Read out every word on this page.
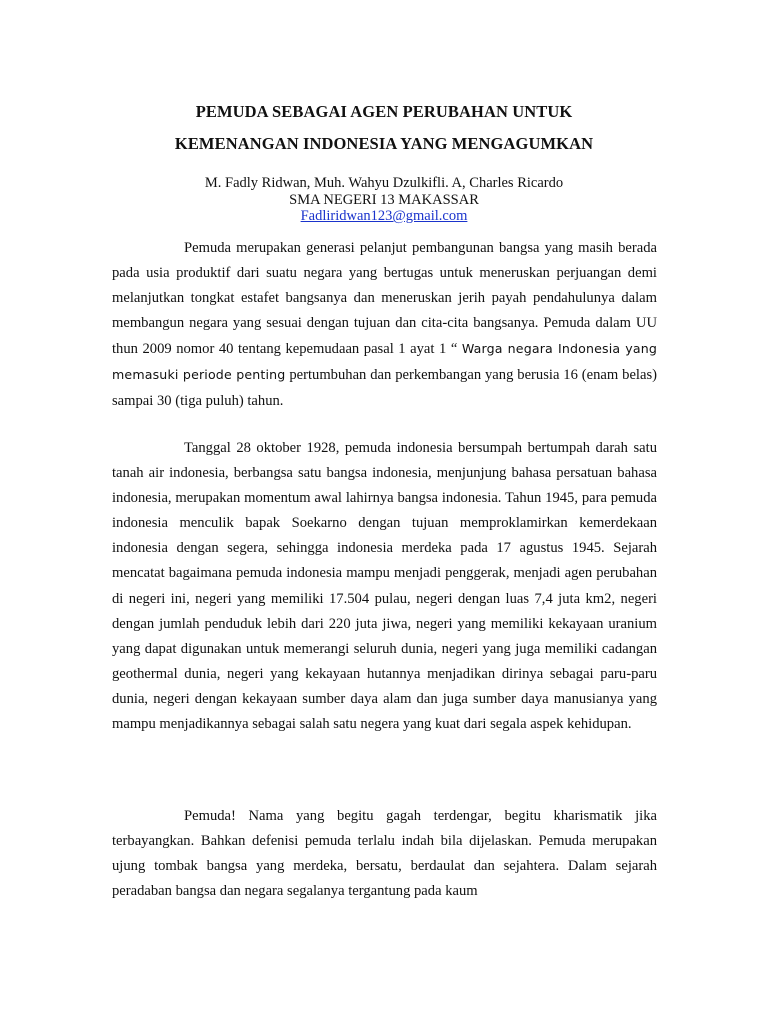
PEMUDA SEBAGAI AGEN PERUBAHAN UNTUK
KEMENANGAN INDONESIA YANG MENGAGUMKAN
M. Fadly Ridwan, Muh. Wahyu Dzulkifli. A, Charles Ricardo
SMA NEGERI 13 MAKASSAR
Fadliridwan123@gmail.com

Pemuda merupakan generasi pelanjut pembangunan bangsa yang masih berada pada usia produktif dari suatu negara yang bertugas untuk meneruskan perjuangan demi melanjutkan tongkat estafet bangsanya dan meneruskan jerih payah pendahulunya dalam membangun negara yang sesuai dengan tujuan dan cita-cita bangsanya. Pemuda dalam UU thun 2009 nomor 40 tentang kepemudaan pasal 1 ayat 1 “ Warga negara Indonesia yang memasuki periode penting pertumbuhan dan perkembangan yang berusia 16 (enam belas) sampai 30 (tiga puluh) tahun.

Tanggal 28 oktober 1928, pemuda indonesia bersumpah bertumpah darah satu tanah air indonesia, berbangsa satu bangsa indonesia, menjunjung bahasa persatuan bahasa indonesia, merupakan momentum awal lahirnya bangsa indonesia. Tahun 1945, para pemuda indonesia menculik bapak Soekarno dengan tujuan memproklamirkan kemerdekaan indonesia dengan segera, sehingga indonesia merdeka pada 17 agustus 1945. Sejarah mencatat bagaimana pemuda indonesia mampu menjadi penggerak, menjadi agen perubahan di negeri ini, negeri yang memiliki 17.504 pulau, negeri dengan luas 7,4 juta km2, negeri dengan jumlah penduduk lebih dari 220 juta jiwa, negeri yang memiliki kekayaan uranium yang dapat digunakan untuk memerangi seluruh dunia, negeri yang juga memiliki cadangan geothermal dunia, negeri yang kekayaan hutannya menjadikan dirinya sebagai paru-paru dunia, negeri dengan kekayaan sumber daya alam dan juga sumber daya manusianya yang mampu menjadikannya sebagai salah satu negera yang kuat dari segala aspek kehidupan.

Pemuda! Nama yang begitu gagah terdengar, begitu kharismatik jika terbayangkan. Bahkan defenisi pemuda terlalu indah bila dijelaskan. Pemuda merupakan ujung tombak bangsa yang merdeka, bersatu, berdaulat dan sejahtera. Dalam sejarah peradaban bangsa dan negara segalanya tergantung pada kaum
